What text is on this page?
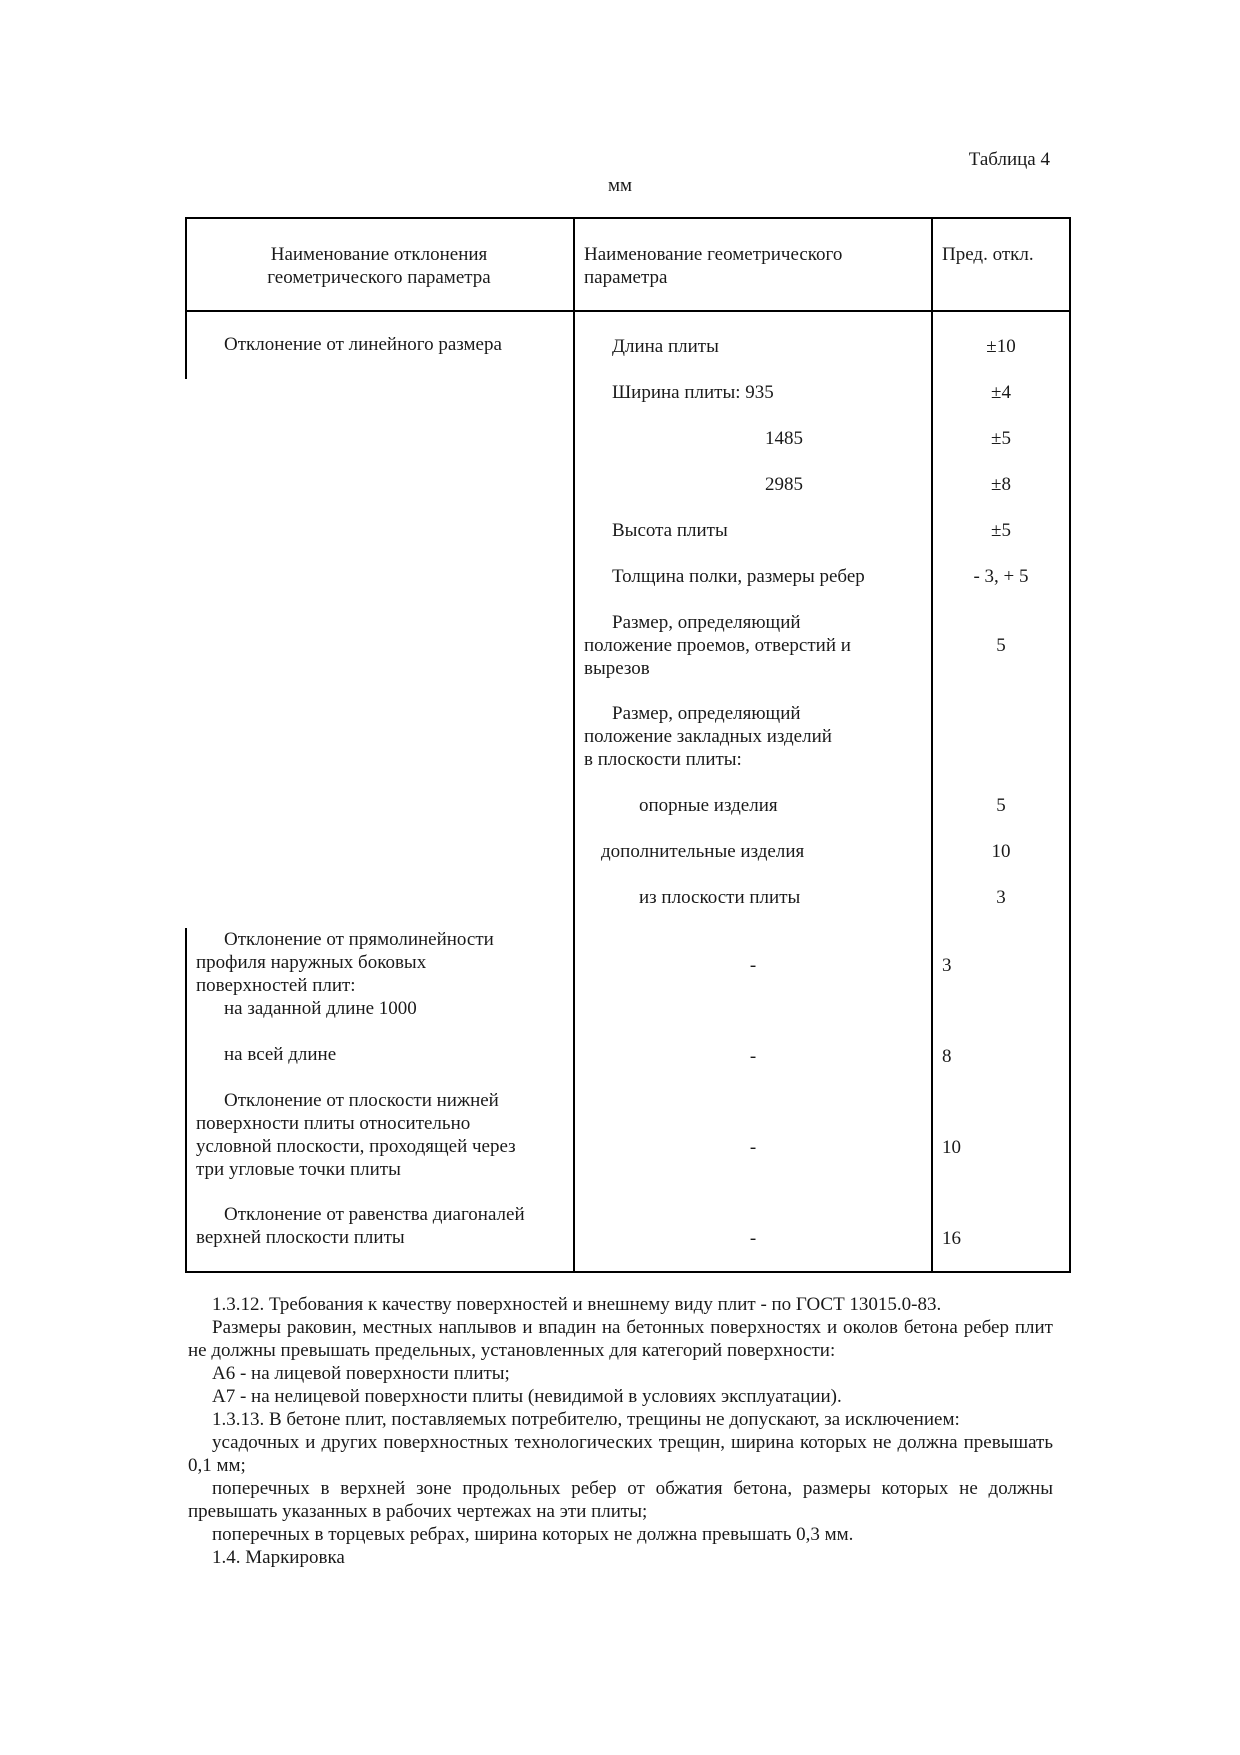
Таблица 4
мм
Наименование отклонения
геометрического параметра
Наименование геометрического
параметра
Пред. откл.
Отклонение от линейного размера
Отклонение от прямолинейности
профиля наружных боковых
поверхностей плит:
на заданной длине 1000
на всей длине
Отклонение от плоскости нижней
поверхности плиты относительно
условной плоскости, проходящей через
три угловые точки плиты
Отклонение от равенства диагоналей
верхней плоскости плиты
Длина плиты
Ширина плиты: 935
1485
2985
Высота плиты
Толщина полки, размеры ребер
Размер, определяющий
положение проемов, отверстий и
вырезов
Размер, определяющий
положение закладных изделий
в плоскости плиты:
опорные изделия
дополнительные изделия
из плоскости плиты
-
-
-
-
±10
±4
±5
±8
±5
- 3, + 5
5
5
10
3
3
8
10
16
1.3.12. Требования к качеству поверхностей и внешнему виду плит - по ГОСТ 13015.0-83.
Размеры раковин, местных наплывов и впадин на бетонных поверхностях и околов бетона ребер плит не должны превышать предельных, установленных для категорий поверхности:
А6 - на лицевой поверхности плиты;
А7 - на нелицевой поверхности плиты (невидимой в условиях эксплуатации).
1.3.13. В бетоне плит, поставляемых потребителю, трещины не допускают, за исключением:
усадочных и других поверхностных технологических трещин, ширина которых не должна превышать 0,1 мм;
поперечных в верхней зоне продольных ребер от обжатия бетона, размеры которых не должны превышать указанных в рабочих чертежах на эти плиты;
поперечных в торцевых ребрах, ширина которых не должна превышать 0,3 мм.
1.4. Маркировка
